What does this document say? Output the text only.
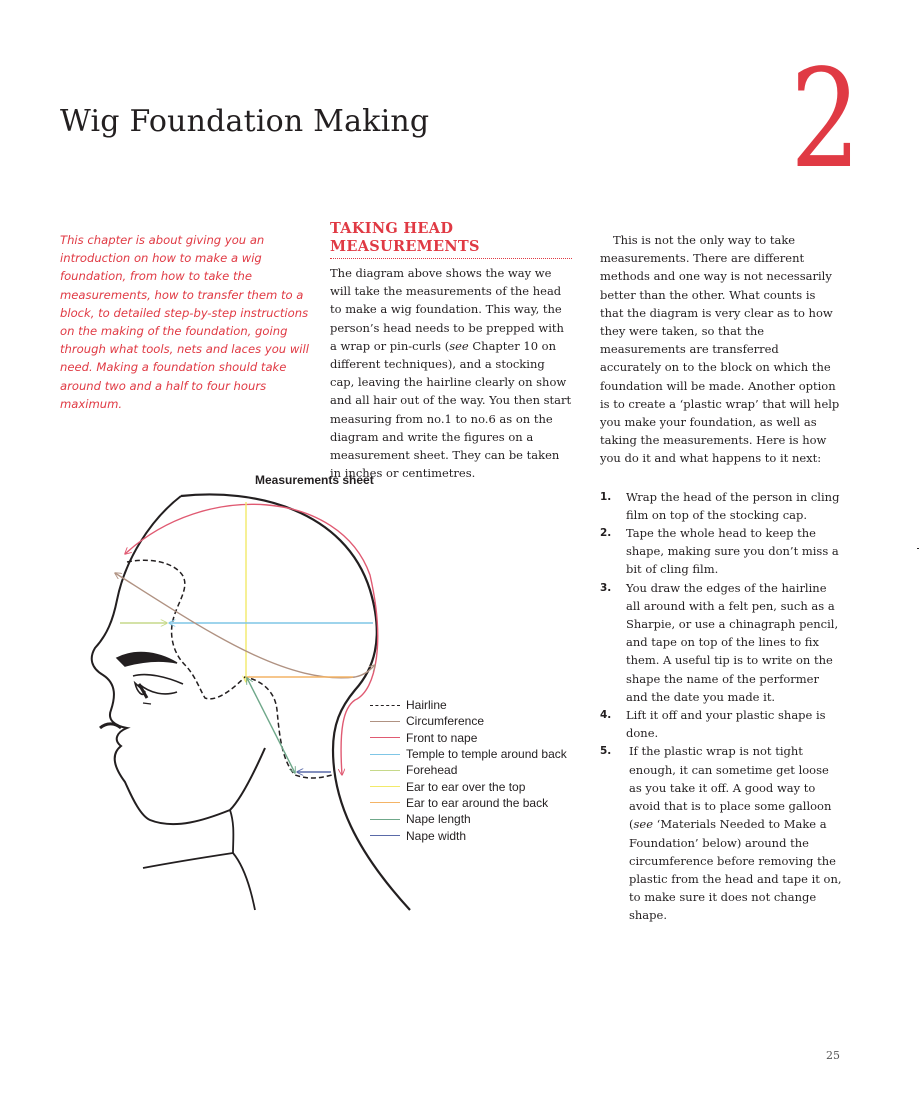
Wig Foundation Making	2

This chapter is about giving you an introduction on how to make a wig foundation, from how to take the measurements, how to transfer them to a block, to detailed step-by-step instructions on the making of the foundation, going through what tools, nets and laces you will need. Making a foundation should take around two and a half to four hours maximum.

TAKING HEAD MEASUREMENTS

The diagram above shows the way we will take the measurements of the head to make a wig foundation. This way, the person’s head needs to be prepped with a wrap or pin-curls (see Chapter 10 on different techniques), and a stocking cap, leaving the hairline clearly on show and all hair out of the way. You then start measuring from no.1 to no.6 as on the diagram and write the figures on a measurement sheet. They can be taken in inches or centimetres.

This is not the only way to take measurements. There are different methods and one way is not necessarily better than the other. What counts is that the diagram is very clear as to how they were taken, so that the measurements are transferred accurately on to the block on which the foundation will be made. Another option is to create a ‘plastic wrap’ that will help you make your foundation, as well as taking the measurements. Here is how you do it and what happens to it next:

1. Wrap the head of the person in cling film on top of the stocking cap.
2. Tape the whole head to keep the shape, making sure you don’t miss a bit of cling film.
3. You draw the edges of the hairline all around with a felt pen, such as a Sharpie, or use a chinagraph pencil, and tape on top of the lines to fix them. A useful tip is to write on the shape the name of the performer and the date you made it.
4. Lift it off and your plastic shape is done.
5. If the plastic wrap is not tight enough, it can sometime get loose as you take it off. A good way to avoid that is to place some galloon (see ‘Materials Needed to Make a Foundation’ below) around the circumference before removing the plastic from the head and tape it on, to make sure it does not change shape.
Measurements sheet
Hairline
Circumference
Front to nape
Temple to temple around back
Forehead
Ear to ear over the top
Ear to ear around the back
Nape length
Nape width
25
